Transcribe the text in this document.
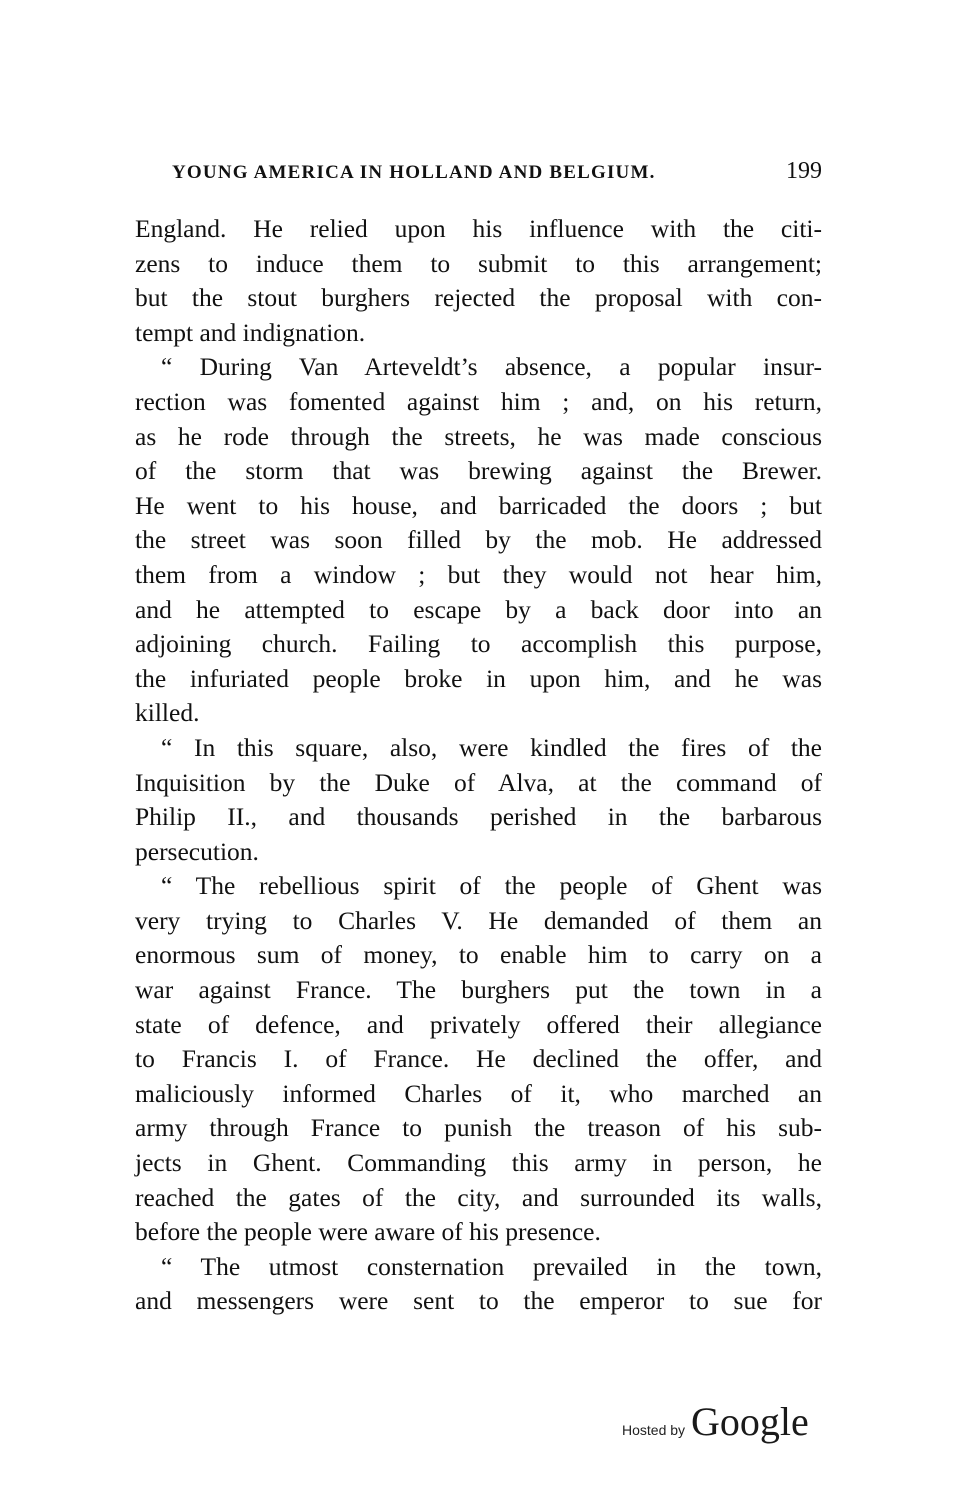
YOUNG AMERICA IN HOLLAND AND BELGIUM.	199
England. He relied upon his influence with the citi-
zens to induce them to submit to this arrangement;
but the stout burghers rejected the proposal with con-
tempt and indignation.
“ During Van Arteveldt’s absence, a popular insur-
rection was fomented against him ; and, on his return,
as he rode through the streets, he was made conscious
of the storm that was brewing against the Brewer.
He went to his house, and barricaded the doors ; but
the street was soon filled by the mob. He addressed
them from a window ; but they would not hear him,
and he attempted to escape by a back door into an
adjoining church. Failing to accomplish this purpose,
the infuriated people broke in upon him, and he was
killed.
“ In this square, also, were kindled the fires of the
Inquisition by the Duke of Alva, at the command of
Philip II., and thousands perished in the barbarous
persecution.
“ The rebellious spirit of the people of Ghent was
very trying to Charles V. He demanded of them an
enormous sum of money, to enable him to carry on a
war against France. The burghers put the town in a
state of defence, and privately offered their allegiance
to Francis I. of France. He declined the offer, and
maliciously informed Charles of it, who marched an
army through France to punish the treason of his sub-
jects in Ghent. Commanding this army in person, he
reached the gates of the city, and surrounded its walls,
before the people were aware of his presence.
“ The utmost consternation prevailed in the town,
and messengers were sent to the emperor to sue for
Hosted by Google
